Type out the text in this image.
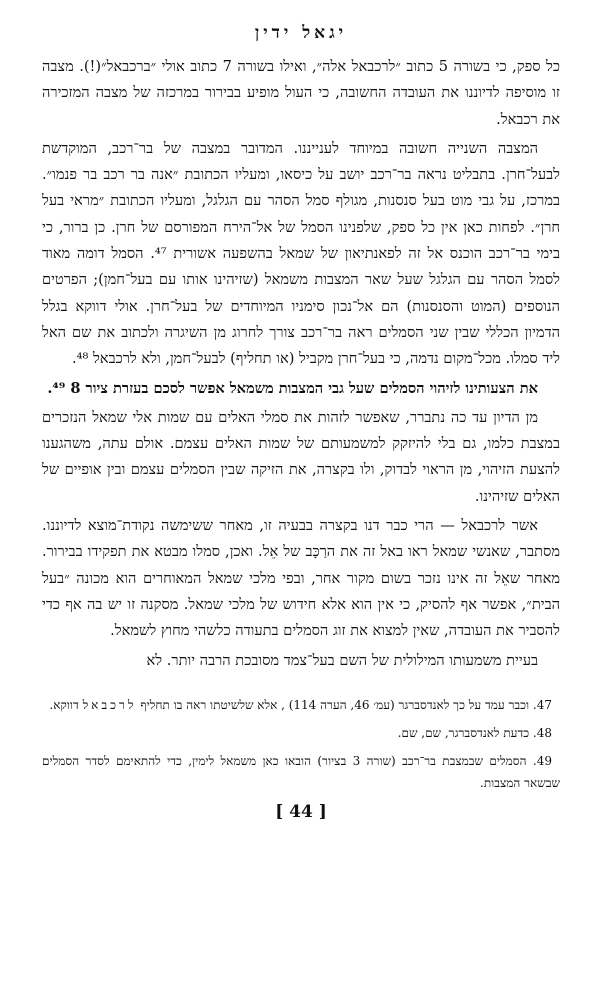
יגאל ידין

כל ספק, כי בשורה 5 כתוב ״לרכבאל אלה״, ואילו בשורה 7 כתוב אולי ״ברכבאל״(!). מצבה זו מוסיפה לדיוננו את העובדה החשובה, כי העול מופיע בבירור במרכזה של מצבה המזכירה את רכבאל.

המצבה השנייה חשובה במיוחד לענייננו. המדובר במצבה של בר־רכב, המוקדשת לבעל־חרן. בתבליט נראה בר־רכב יושב על כיסאו, ומעליו הכתובת ״אנה בר רכב בר פנמו״. במרכז, על גבי מוט בעל סנסנות, מגולף סמל הסהר עם הגלגל, ומעליו הכתובת ״מראי בעל חרן״. לפחות כאן אין כל ספק, שלפנינו הסמל של אל־הירח המפורסם של חרן. כן ברור, כי בימי בר־רכב הוכנס אל זה לפאנתיאון של שמאל בהשפעה אשורית ⁴⁷. הסמל דומה מאוד לסמל הסהר עם הגלגל שעל שאר המצבות משמאל (שזיהינו אותו עם בעל־חמן); הפרטים הנוספים (המוט והסנסנות) הם אל־נכון סימניו המיוחדים של בעל־חרן. אולי דווקא בגלל הדמיון הכללי שבין שני הסמלים ראה בר־רכב צורך לחרוג מן השיגרה ולכתוב את שם האל ליד סמלו. מכל־מקום נדמה, כי בעל־חרן מקביל (או תחליף) לבעל־חמן, ולא לרכבאל ⁴⁸.

את הצעותינו לזיהוי הסמלים שעל גבי המצבות משמאל אפשר לסכם בעזרת ציור 8 ⁴⁹.

מן הדיון עד כה נתברר, שאפשר לזהות את סמלי האלים עם שמות אלי שמאל הנזכרים במצבת כלמו, גם בלי להיזקק למשמעותם של שמות האלים עצמם. אולם עתה, משהגענו להצעת הזיהוי, מן הראוי לבדוק, ולו בקצרה, את הזיקה שבין הסמלים עצמם ובין אופיים של האלים שזיהינו.

אשר לרכבאל — הרי כבר דנו בקצרה בבעיה זו, מאחר ששימשה נקודת־מוצא לדיוננו. מסתבר, שאנשי שמאל ראו באל זה את הרַכָּב של אֵל. ואכן, סמלו מבטא את תפקידו בבירור. מאחר שאֵל זה אינו נזכר בשום מקור אחר, ובפי מלכי שמאל המאוחרים הוא מכונה ״בעל הבית״, אפשר אף להסיק, כי אין הוא אלא חידוש של מלכי שמאל. מסקנה זו יש בה אף כדי להסביר את העובדה, שאין למצוא את זוג הסמלים בתעודה כלשהי מחוץ לשמאל.

בעיית משמעותו המילולית של השם בעל־צמד מסובכת הרבה יותר. לא

47. וכבר עמד על כך לאנדסברגר (עמ׳ 46, הערה 114) , אלא שלשיטתו ראה בו תחליף לרכבאל דווקא.

48. כדעת לאנדסברגר, שם, שם.

49. הסמלים שבמצבת בר־רכב (שורה 3 בציור) הובאו כאן משמאל לימין, כדי להתאימם לסדר הסמלים שבשאר המצבות.

[ 44 ]
